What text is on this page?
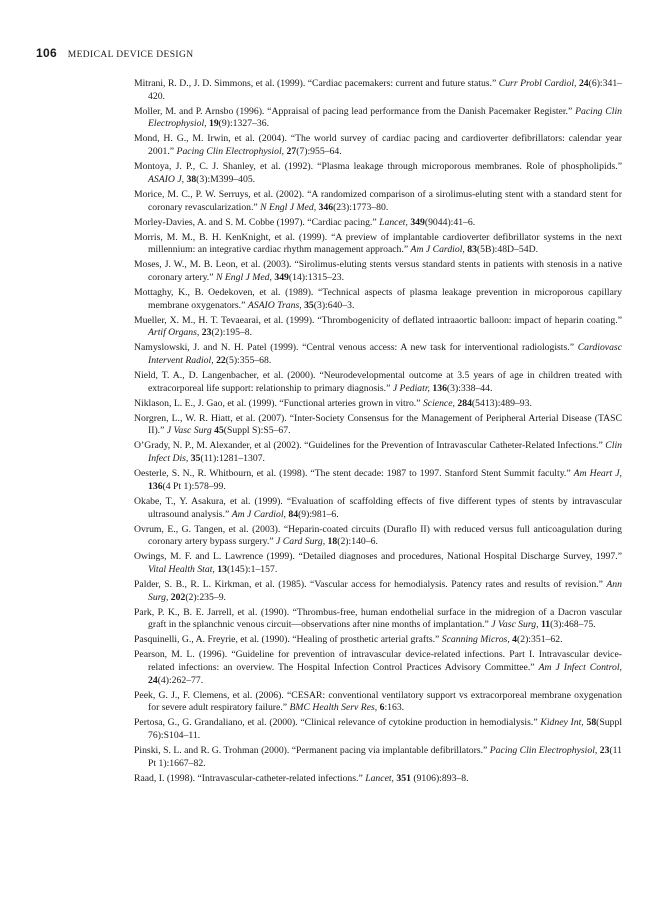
106 MEDICAL DEVICE DESIGN
Mitrani, R. D., J. D. Simmons, et al. (1999). “Cardiac pacemakers: current and future status.” Curr Probl Cardiol, 24(6):341–420.
Moller, M. and P. Arnsbo (1996). “Appraisal of pacing lead performance from the Danish Pacemaker Register.” Pacing Clin Electrophysiol, 19(9):1327–36.
Mond, H. G., M. Irwin, et al. (2004). “The world survey of cardiac pacing and cardioverter defibrillators: calendar year 2001.” Pacing Clin Electrophysiol, 27(7):955–64.
Montoya, J. P., C. J. Shanley, et al. (1992). “Plasma leakage through microporous membranes. Role of phospholipids.” ASAIO J, 38(3):M399–405.
Morice, M. C., P. W. Serruys, et al. (2002). “A randomized comparison of a sirolimus-eluting stent with a standard stent for coronary revascularization.” N Engl J Med, 346(23):1773–80.
Morley-Davies, A. and S. M. Cobbe (1997). “Cardiac pacing.” Lancet, 349(9044):41–6.
Morris, M. M., B. H. KenKnight, et al. (1999). “A preview of implantable cardioverter defibrillator systems in the next millennium: an integrative cardiac rhythm management approach.” Am J Cardiol, 83(5B):48D–54D.
Moses, J. W., M. B. Leon, et al. (2003). “Sirolimus-eluting stents versus standard stents in patients with stenosis in a native coronary artery.” N Engl J Med, 349(14):1315–23.
Mottaghy, K., B. Oedekoven, et al. (1989). “Technical aspects of plasma leakage prevention in microporous capillary membrane oxygenators.” ASAIO Trans, 35(3):640–3.
Mueller, X. M., H. T. Tevaearai, et al. (1999). “Thrombogenicity of deflated intraaortic balloon: impact of heparin coating.” Artif Organs, 23(2):195–8.
Namyslowski, J. and N. H. Patel (1999). “Central venous access: A new task for interventional radiologists.” Cardiovasc Intervent Radiol, 22(5):355–68.
Nield, T. A., D. Langenbacher, et al. (2000). “Neurodevelopmental outcome at 3.5 years of age in children treated with extracorporeal life support: relationship to primary diagnosis.” J Pediatr, 136(3):338–44.
Niklason, L. E., J. Gao, et al. (1999). “Functional arteries grown in vitro.” Science, 284(5413):489–93.
Norgren, L., W. R. Hiatt, et al. (2007). “Inter-Society Consensus for the Management of Peripheral Arterial Disease (TASC II).” J Vasc Surg 45(Suppl S):S5–67.
O’Grady, N. P., M. Alexander, et al (2002). “Guidelines for the Prevention of Intravascular Catheter-Related Infections.” Clin Infect Dis, 35(11):1281–1307.
Oesterle, S. N., R. Whitbourn, et al. (1998). “The stent decade: 1987 to 1997. Stanford Stent Summit faculty.” Am Heart J, 136(4 Pt 1):578–99.
Okabe, T., Y. Asakura, et al. (1999). “Evaluation of scaffolding effects of five different types of stents by intravascular ultrasound analysis.” Am J Cardiol, 84(9):981–6.
Ovrum, E., G. Tangen, et al. (2003). “Heparin-coated circuits (Duraflo II) with reduced versus full anticoagulation during coronary artery bypass surgery.” J Card Surg, 18(2):140–6.
Owings, M. F. and L. Lawrence (1999). “Detailed diagnoses and procedures, National Hospital Discharge Survey, 1997.” Vital Health Stat, 13(145):1–157.
Palder, S. B., R. L. Kirkman, et al. (1985). “Vascular access for hemodialysis. Patency rates and results of revision.” Ann Surg, 202(2):235–9.
Park, P. K., B. E. Jarrell, et al. (1990). “Thrombus-free, human endothelial surface in the midregion of a Dacron vascular graft in the splanchnic venous circuit—observations after nine months of implantation.” J Vasc Surg, 11(3):468–75.
Pasquinelli, G., A. Freyrie, et al. (1990). “Healing of prosthetic arterial grafts.” Scanning Micros, 4(2):351–62.
Pearson, M. L. (1996). “Guideline for prevention of intravascular device-related infections. Part I. Intravascular device-related infections: an overview. The Hospital Infection Control Practices Advisory Committee.” Am J Infect Control, 24(4):262–77.
Peek, G. J., F. Clemens, et al. (2006). “CESAR: conventional ventilatory support vs extracorporeal membrane oxygenation for severe adult respiratory failure.” BMC Health Serv Res, 6:163.
Pertosa, G., G. Grandaliano, et al. (2000). “Clinical relevance of cytokine production in hemodialysis.” Kidney Int, 58(Suppl 76):S104–11.
Pinski, S. L. and R. G. Trohman (2000). “Permanent pacing via implantable defibrillators.” Pacing Clin Electrophysiol, 23(11 Pt 1):1667–82.
Raad, I. (1998). “Intravascular-catheter-related infections.” Lancet, 351 (9106):893–8.
